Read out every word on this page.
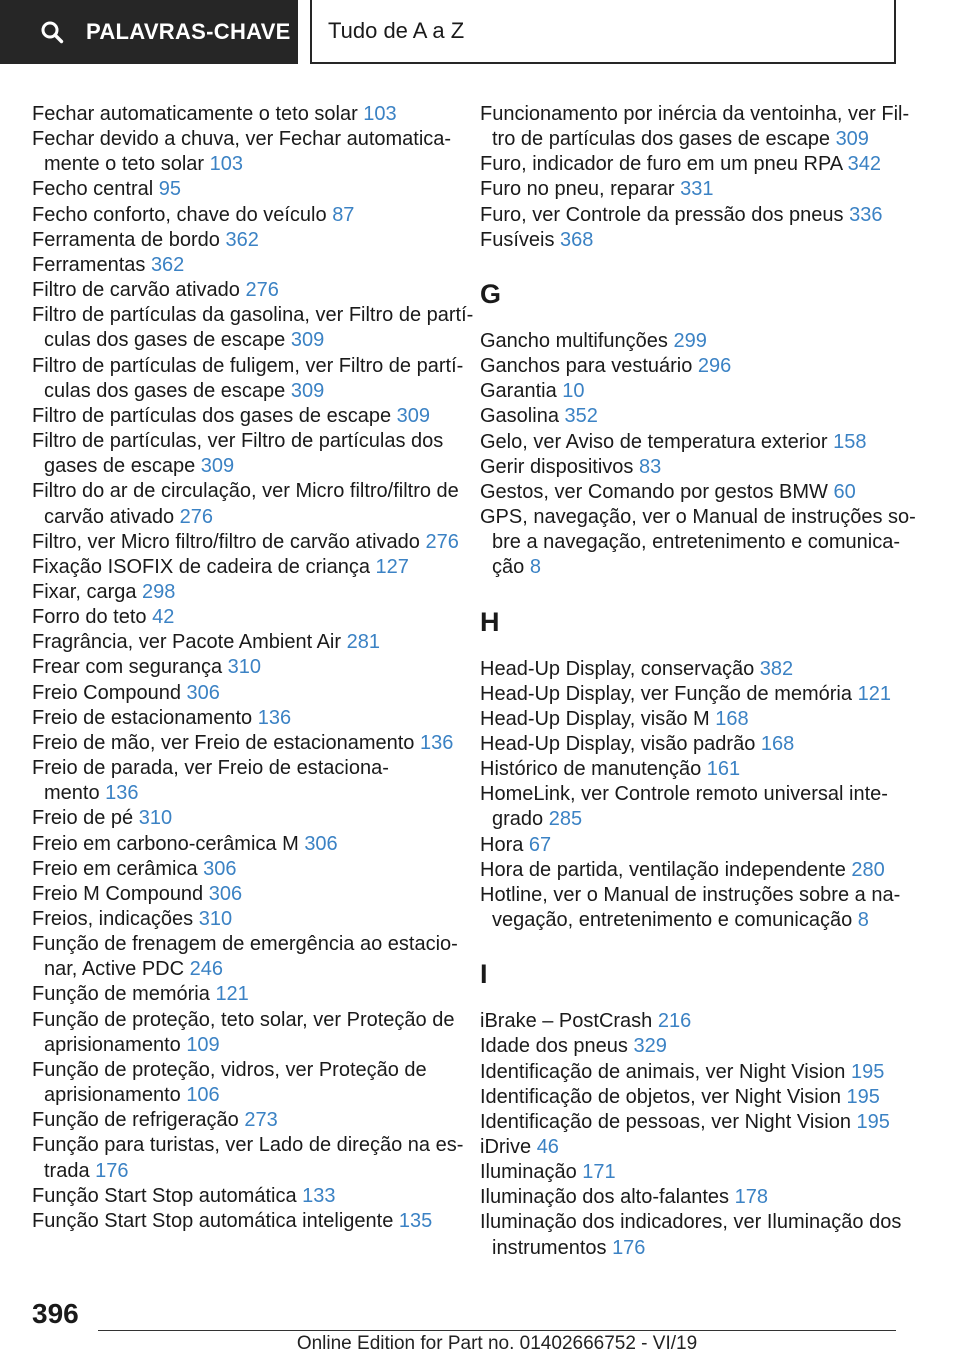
PALAVRAS-CHAVE Tudo de A a Z
Fechar automaticamente o teto solar 103
Fechar devido a chuva, ver Fechar automatica-
mente o teto solar 103
Fecho central 95
Fecho conforto, chave do veículo 87
Ferramenta de bordo 362
Ferramentas 362
Filtro de carvão ativado 276
Filtro de partículas da gasolina, ver Filtro de partí-
culas dos gases de escape 309
Filtro de partículas de fuligem, ver Filtro de partí-
culas dos gases de escape 309
Filtro de partículas dos gases de escape 309
Filtro de partículas, ver Filtro de partículas dos
gases de escape 309
Filtro do ar de circulação, ver Micro filtro/filtro de
carvão ativado 276
Filtro, ver Micro filtro/filtro de carvão ativado 276
Fixação ISOFIX de cadeira de criança 127
Fixar, carga 298
Forro do teto 42
Fragrância, ver Pacote Ambient Air 281
Frear com segurança 310
Freio Compound 306
Freio de estacionamento 136
Freio de mão, ver Freio de estacionamento 136
Freio de parada, ver Freio de estaciona-
mento 136
Freio de pé 310
Freio em carbono-cerâmica M 306
Freio em cerâmica 306
Freio M Compound 306
Freios, indicações 310
Função de frenagem de emergência ao estacio-
nar, Active PDC 246
Função de memória 121
Função de proteção, teto solar, ver Proteção de
aprisionamento 109
Função de proteção, vidros, ver Proteção de
aprisionamento 106
Função de refrigeração 273
Função para turistas, ver Lado de direção na es-
trada 176
Função Start Stop automática 133
Função Start Stop automática inteligente 135
Funcionamento por inércia da ventoinha, ver Fil-
tro de partículas dos gases de escape 309
Furo, indicador de furo em um pneu RPA 342
Furo no pneu, reparar 331
Furo, ver Controle da pressão dos pneus 336
Fusíveis 368
G
Gancho multifunções 299
Ganchos para vestuário 296
Garantia 10
Gasolina 352
Gelo, ver Aviso de temperatura exterior 158
Gerir dispositivos 83
Gestos, ver Comando por gestos BMW 60
GPS, navegação, ver o Manual de instruções so-
bre a navegação, entretenimento e comunica-
ção 8
H
Head-Up Display, conservação 382
Head-Up Display, ver Função de memória 121
Head-Up Display, visão M 168
Head-Up Display, visão padrão 168
Histórico de manutenção 161
HomeLink, ver Controle remoto universal inte-
grado 285
Hora 67
Hora de partida, ventilação independente 280
Hotline, ver o Manual de instruções sobre a na-
vegação, entretenimento e comunicação 8
I
iBrake – PostCrash 216
Idade dos pneus 329
Identificação de animais, ver Night Vision 195
Identificação de objetos, ver Night Vision 195
Identificação de pessoas, ver Night Vision 195
iDrive 46
Iluminação 171
Iluminação dos alto-falantes 178
Iluminação dos indicadores, ver Iluminação dos
instrumentos 176
396
Online Edition for Part no. 01402666752 - VI/19
